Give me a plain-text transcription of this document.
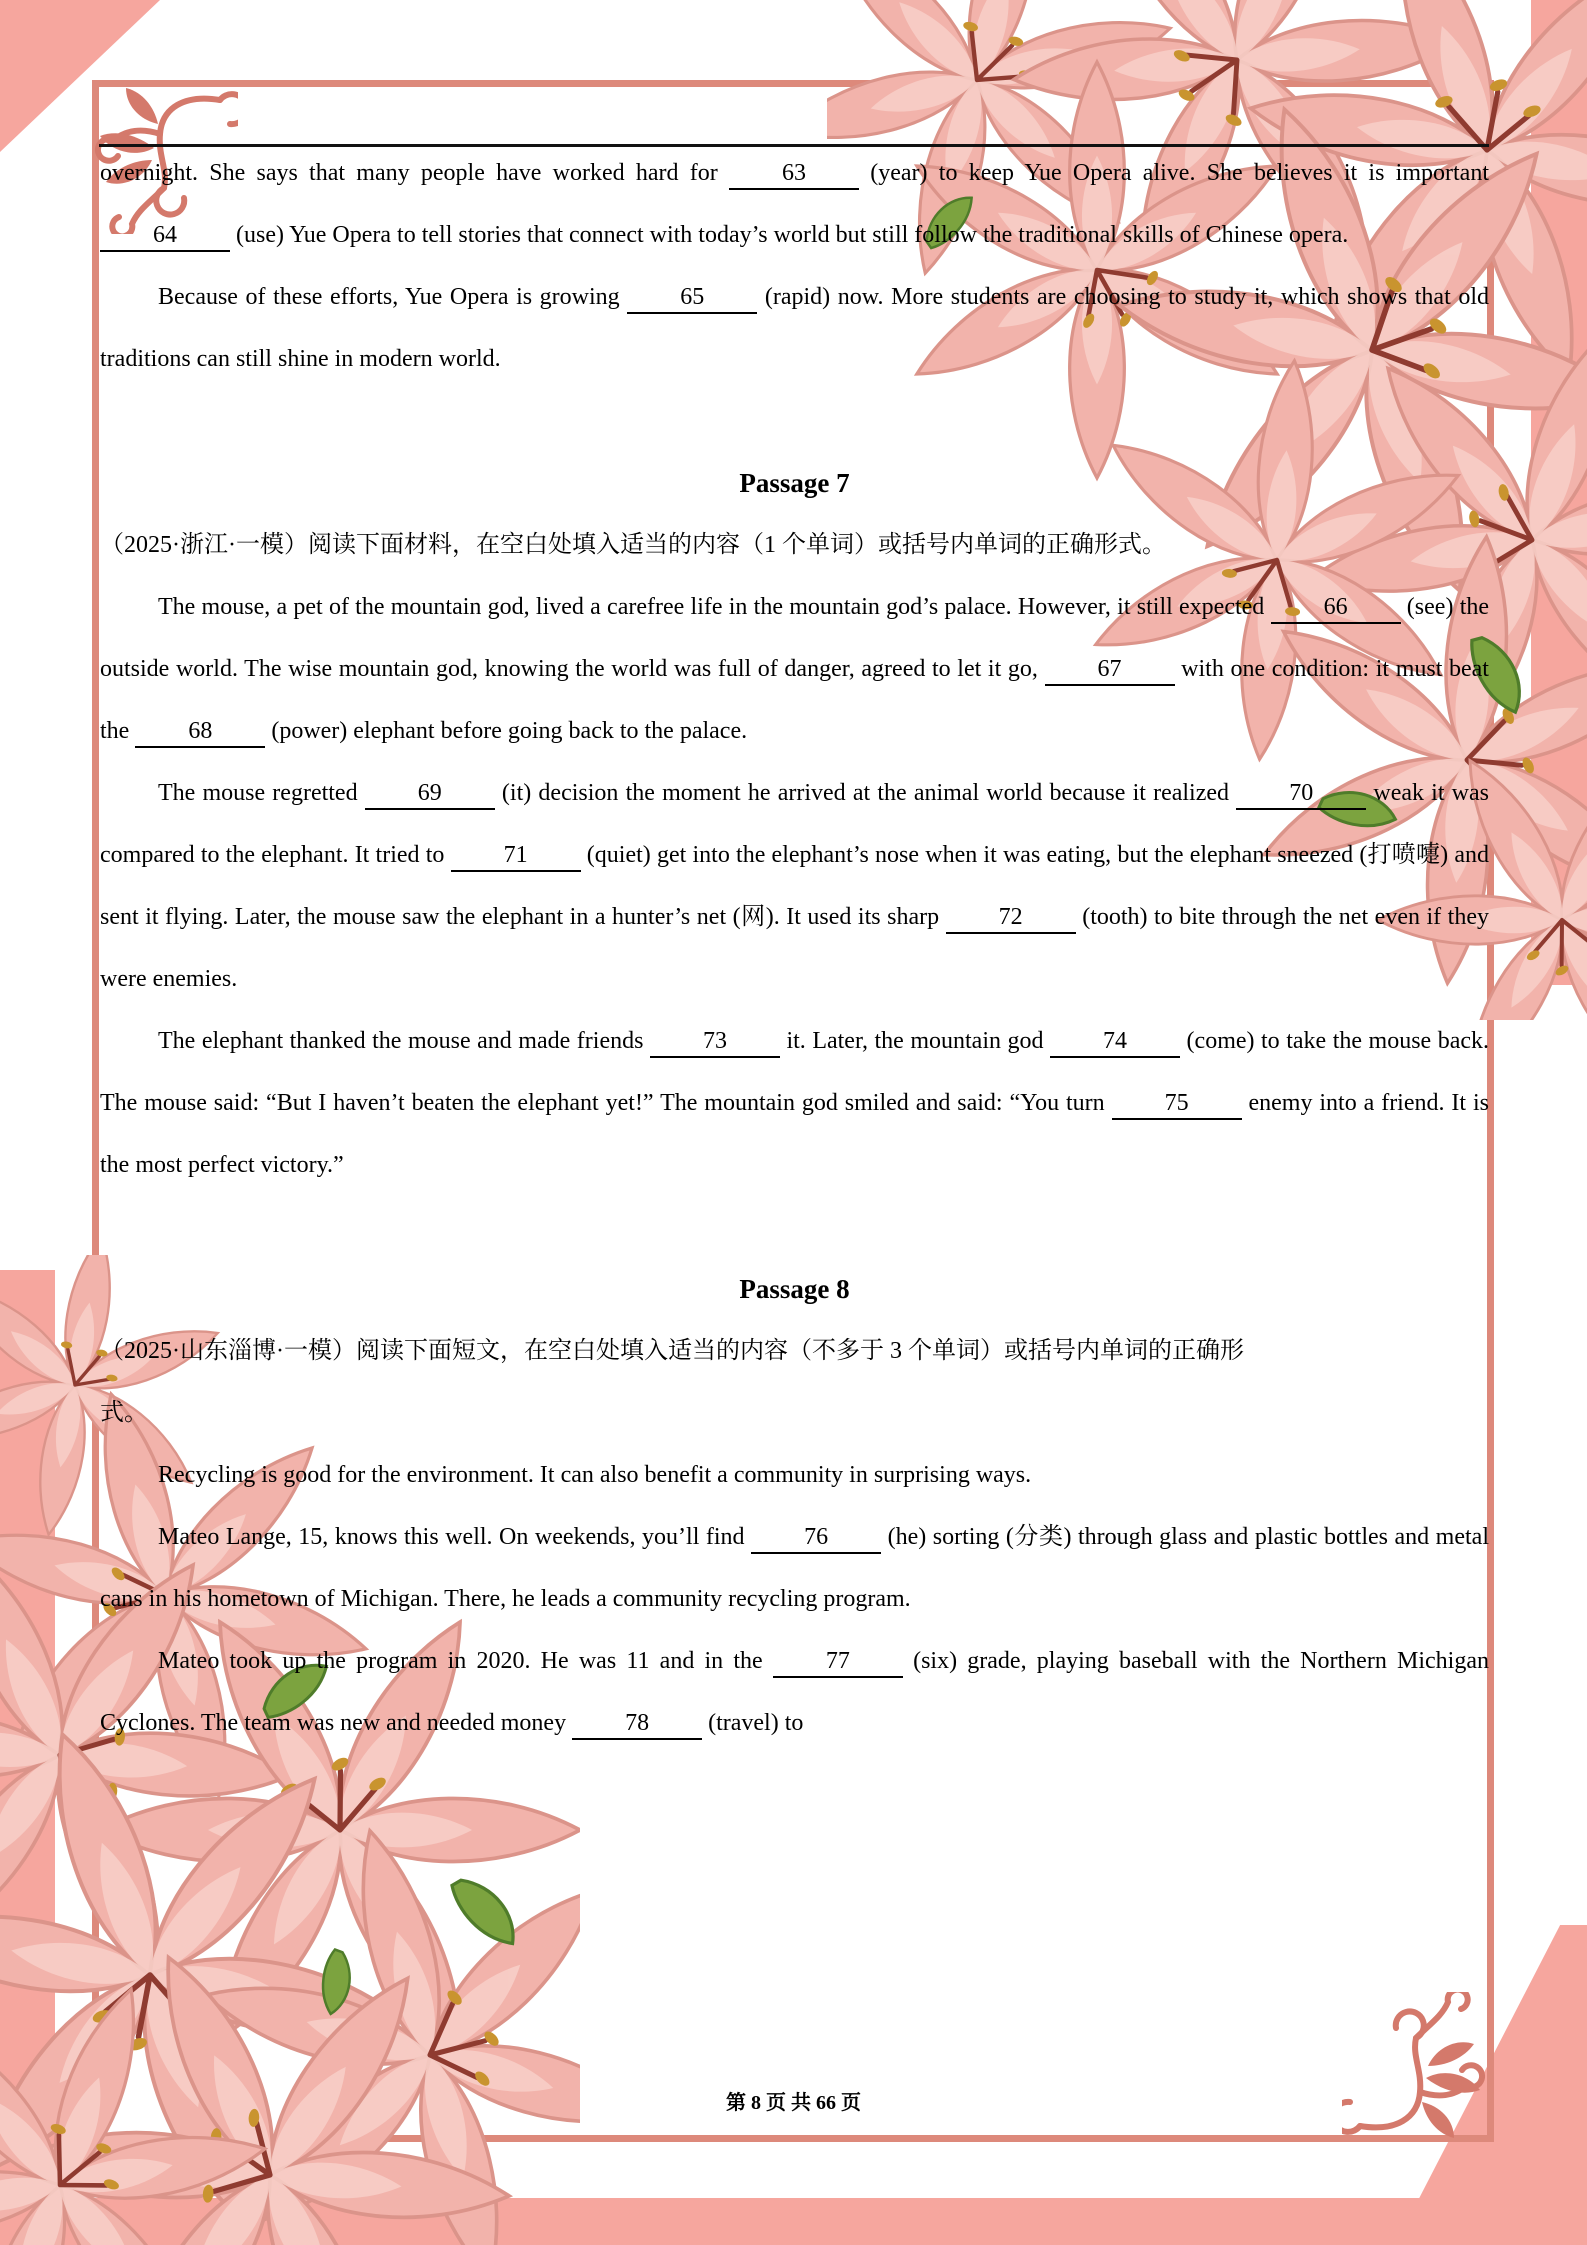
overnight. She says that many people have worked hard for 63 (year) to keep Yue Opera alive. She believes it is important 64 (use) Yue Opera to tell stories that connect with today’s world but still follow the traditional skills of Chinese opera.

Because of these efforts, Yue Opera is growing 65 (rapid) now. More students are choosing to study it, which shows that old traditions can still shine in modern world.

Passage 7

（2025·浙江·一模）阅读下面材料，在空白处填入适当的内容（1 个单词）或括号内单词的正确形式。

The mouse, a pet of the mountain god, lived a carefree life in the mountain god’s palace. However, it still expected 66 (see) the outside world. The wise mountain god, knowing the world was full of danger, agreed to let it go, 67 with one condition: it must beat the 68 (power) elephant before going back to the palace.

The mouse regretted 69 (it) decision the moment he arrived at the animal world because it realized 70 weak it was compared to the elephant. It tried to 71 (quiet) get into the elephant’s nose when it was eating, but the elephant sneezed (打喷嚏) and sent it flying. Later, the mouse saw the elephant in a hunter’s net (网). It used its sharp 72 (tooth) to bite through the net even if they were enemies.

The elephant thanked the mouse and made friends 73 it. Later, the mountain god 74 (come) to take the mouse back. The mouse said: “But I haven’t beaten the elephant yet!” The mountain god smiled and said: “You turn 75 enemy into a friend. It is the most perfect victory.”

Passage 8

（2025·山东淄博·一模）阅读下面短文，在空白处填入适当的内容（不多于 3 个单词）或括号内单词的正确形式。

Recycling is good for the environment. It can also benefit a community in surprising ways.

Mateo Lange, 15, knows this well. On weekends, you’ll find 76 (he) sorting (分类) through glass and plastic bottles and metal cans in his hometown of Michigan. There, he leads a community recycling program.

Mateo took up the program in 2020. He was 11 and in the 77 (six) grade, playing baseball with the Northern Michigan Cyclones. The team was new and needed money 78 (travel) to

第 8 页 共 66 页
